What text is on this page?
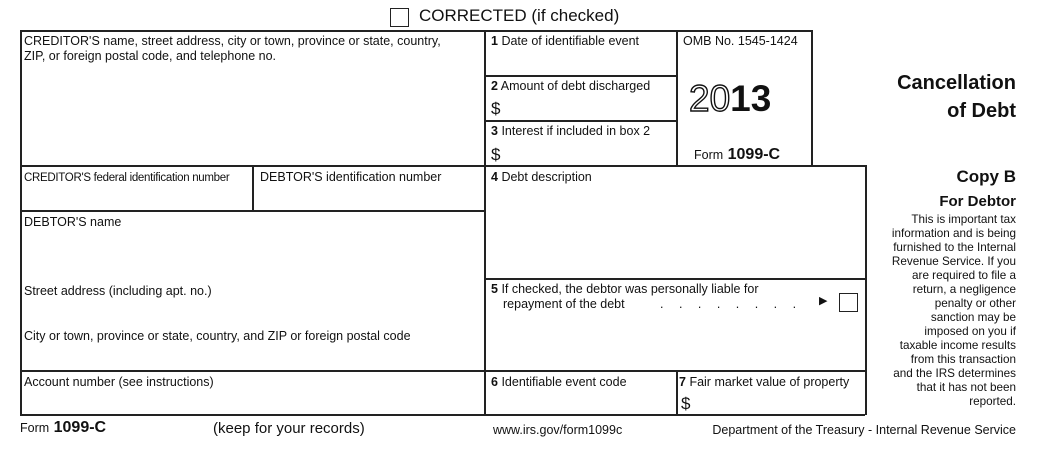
CORRECTED (if checked)
CREDITOR'S name, street address, city or town, province or state, country,
ZIP, or foreign postal code, and telephone no.
1 Date of identifiable event
2 Amount of debt discharged
$
3 Interest if included in box 2
$
OMB No. 1545-1424
2013
Form 1099-C
Cancellation
of Debt
CREDITOR'S federal identification number DEBTOR'S identification number	4 Debt description	Copy B
For Debtor
This is important tax
information and is being
furnished to the Internal
Revenue Service. If you
are required to file a
return, a negligence
penalty or other
sanction may be
imposed on you if
taxable income results
from this transaction
and the IRS determines
that it has not been
reported.
DEBTOR'S name
Street address (including apt. no.)
City or town, province or state, country, and ZIP or foreign postal code
5 If checked, the debtor was personally liable for
repayment of the debt	. . . . . . . . ▶
Account number (see instructions)	6 Identifiable event code	7 Fair market value of property
$
Form 1099-C	(keep for your records)	www.irs.gov/form1099c	Department of the Treasury - Internal Revenue Service
